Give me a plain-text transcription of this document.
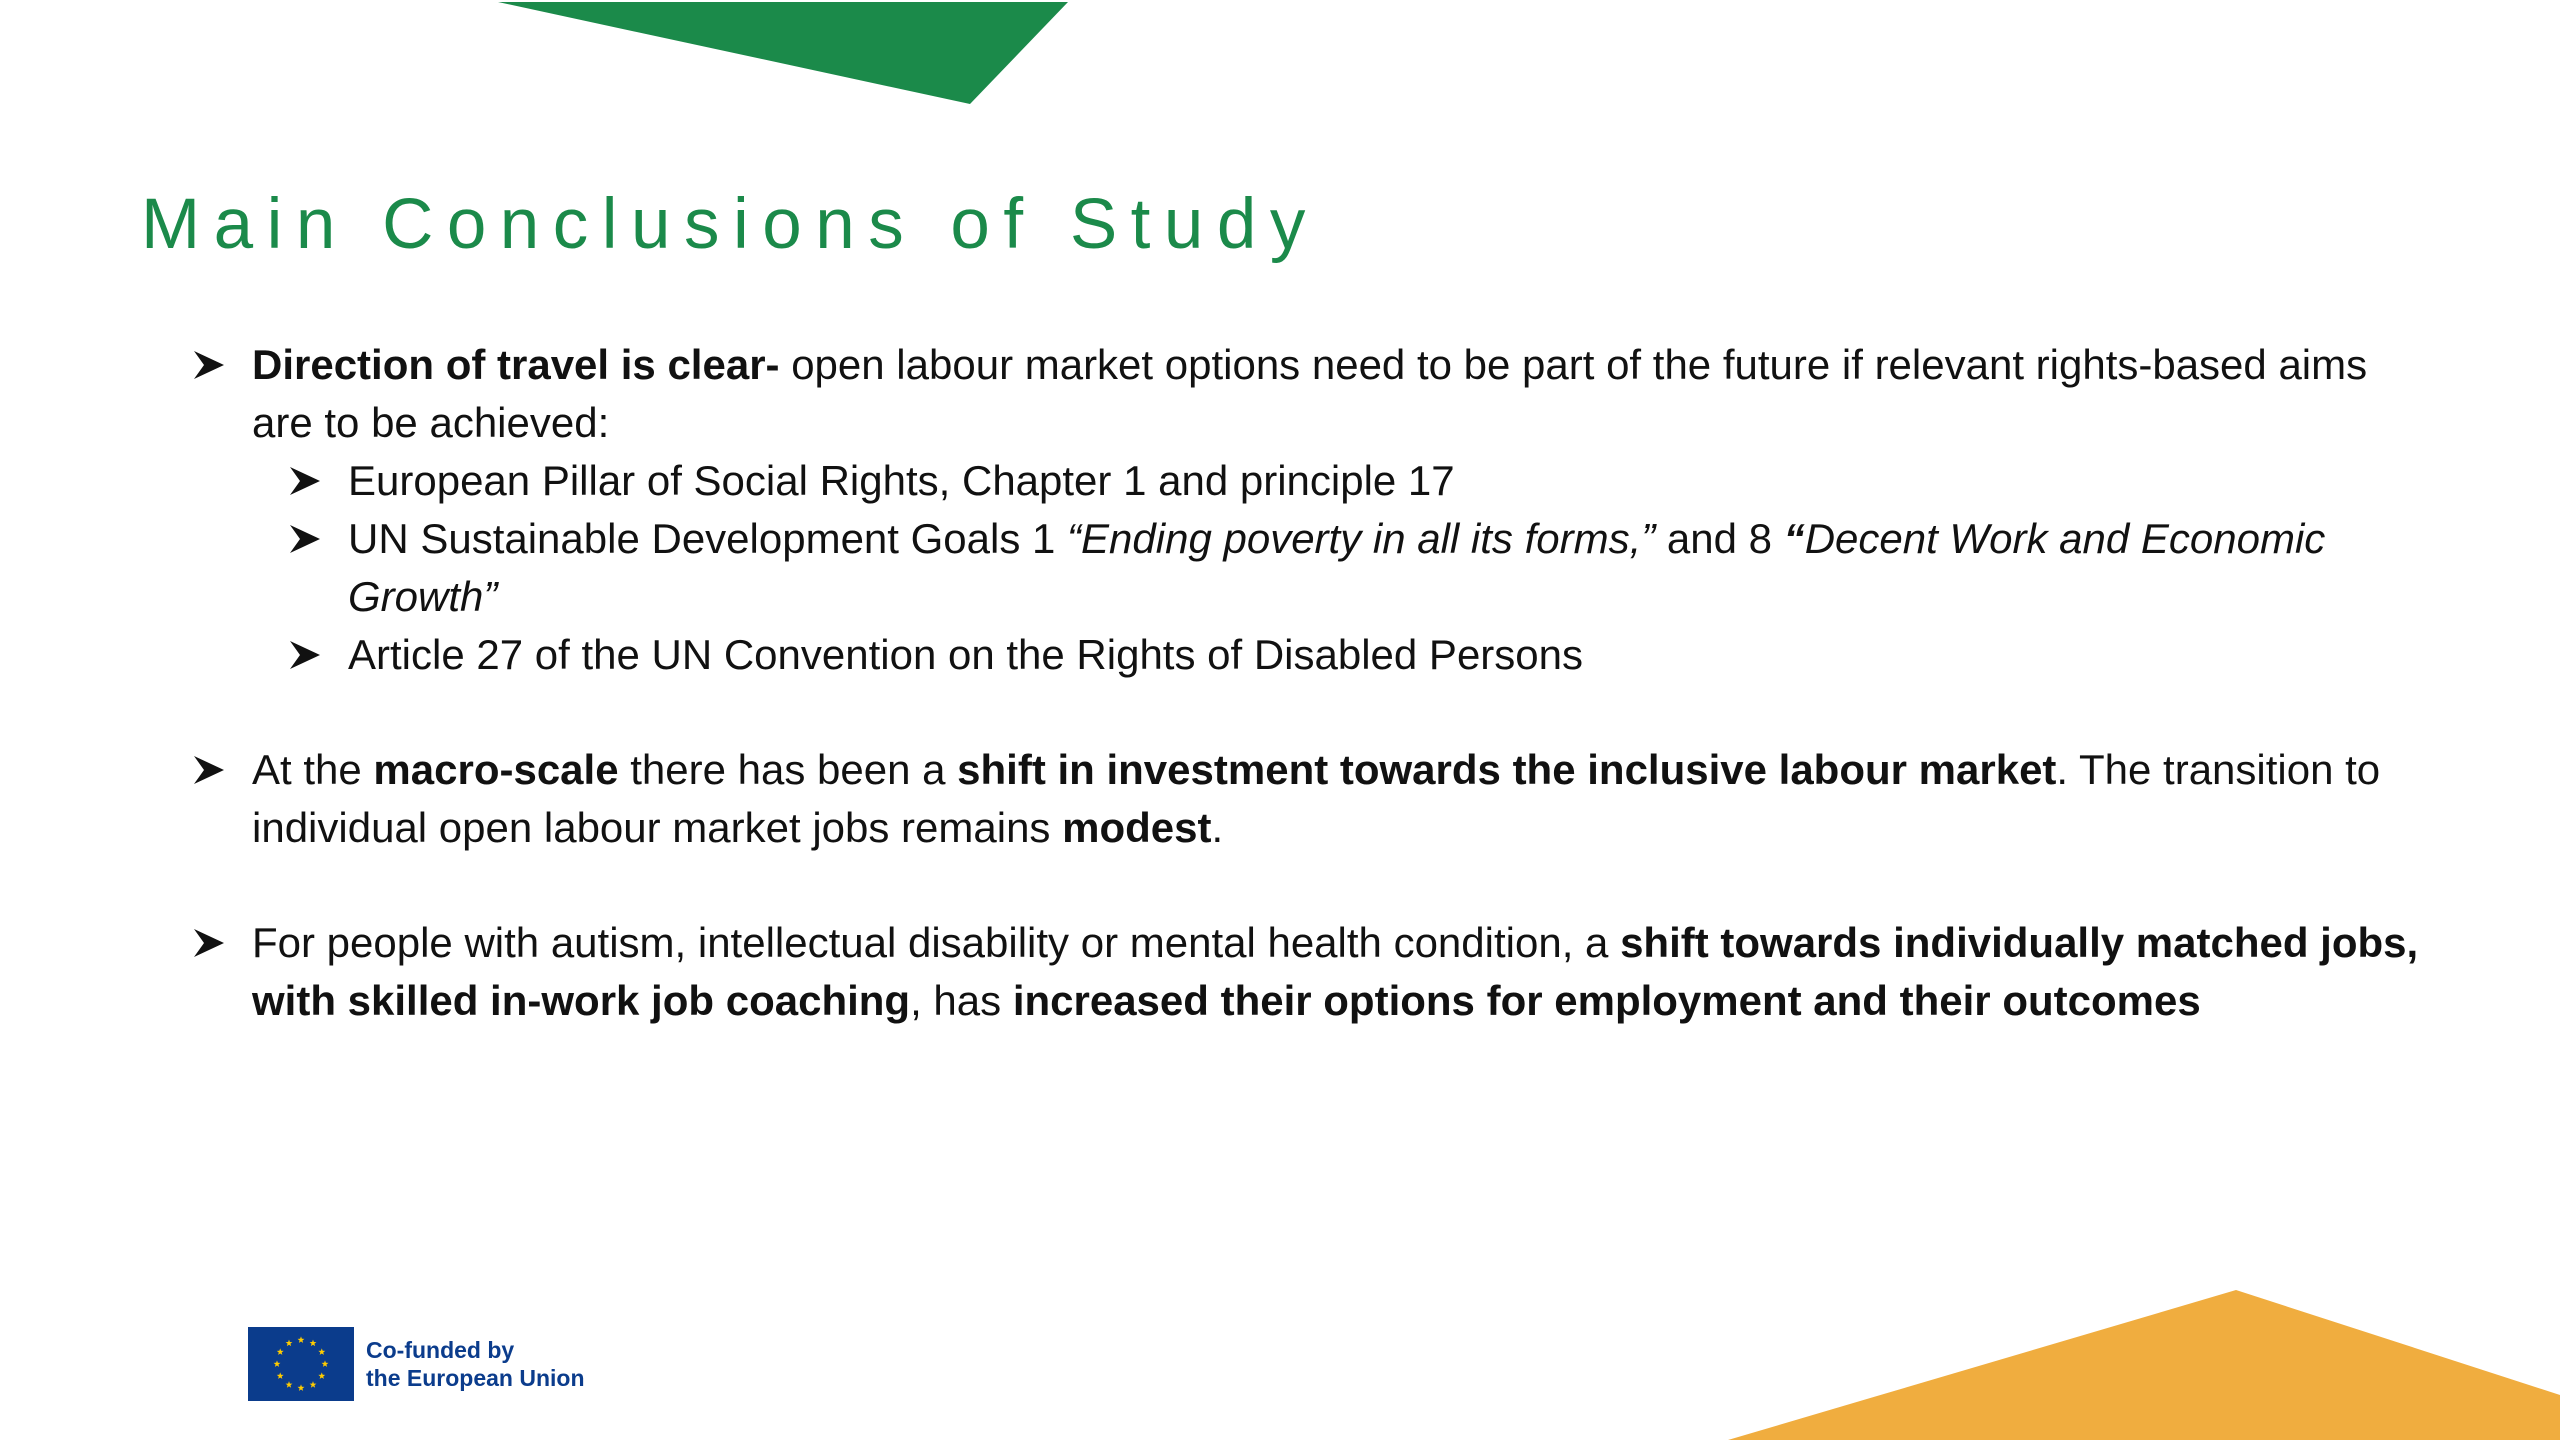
Main Conclusions of Study
Direction of travel is clear- open labour market options need to be part of the future if relevant rights-based aims are to be achieved:
European Pillar of Social Rights, Chapter 1 and principle 17
UN Sustainable Development Goals 1 “Ending poverty in all its forms,” and 8 “Decent Work and Economic Growth”
Article 27 of the UN Convention on the Rights of Disabled Persons
At the macro-scale there has been a shift in investment towards the inclusive labour market. The transition to individual open labour market jobs remains modest.
For people with autism, intellectual disability or mental health condition, a shift towards individually matched jobs, with skilled in-work job coaching, has increased their options for employment and their outcomes
Co-funded by
the European Union
